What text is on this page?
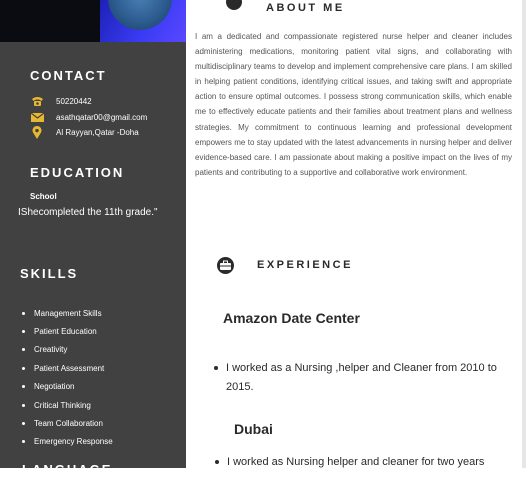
CONTACT
50220442
asathqatar00@gmail.com
Al Rayyan,Qatar -Doha
EDUCATION
School
IShecompleted the 11th grade."
SKILLS
Management Skills
Patient Education
Creativity
Patient Assessment
Negotiation
Critical Thinking
Team Collaboration
Emergency Response
LANGUAGE
ABOUT ME

I am a dedicated and compassionate registered nurse helper and cleaner includes administering medications, monitoring patient vital signs, and collaborating with multidisciplinary teams to develop and implement comprehensive care plans. I am skilled in helping patient conditions, identifying critical issues, and taking swift and appropriate action to ensure optimal outcomes. I possess strong communication skills, which enable me to effectively educate patients and their families about treatment plans and wellness strategies. My commitment to continuous learning and professional development empowers me to stay updated with the latest advancements in nursing helper and deliver evidence-based care. I am passionate about making a positive impact on the lives of my patients and contributing to a supportive and collaborative work environment.

EXPERIENCE
Amazon Date Center
I worked as a Nursing ,helper and Cleaner from 2010 to 2015.
Dubai
I worked as Nursing helper and cleaner for two years
